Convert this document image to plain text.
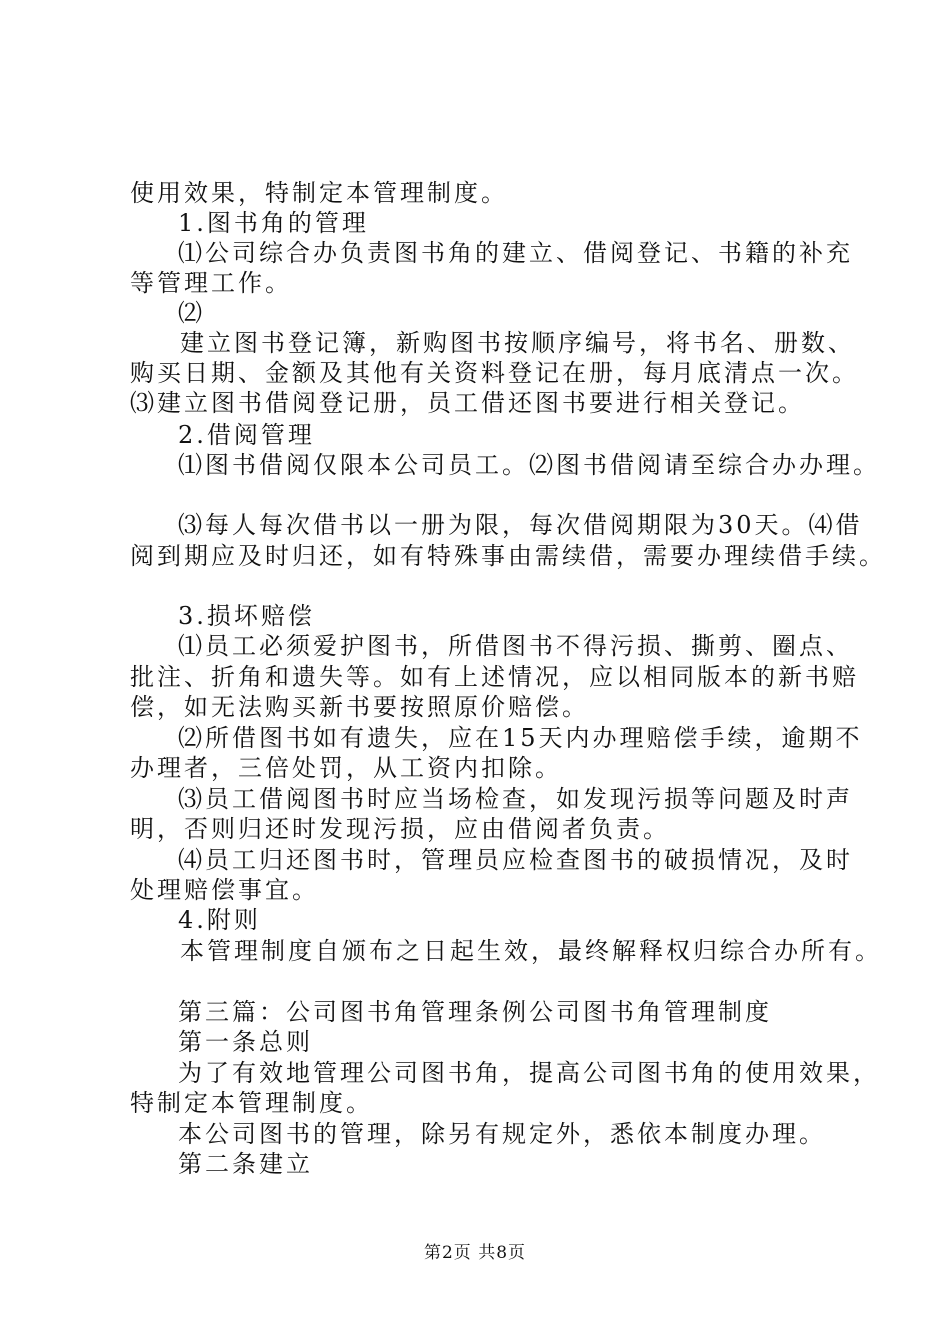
使用效果，特制定本管理制度。
1.图书角的管理
⑴公司综合办负责图书角的建立、借阅登记、书籍的补充
等管理工作。
⑵
建立图书登记簿，新购图书按顺序编号，将书名、册数、
购买日期、金额及其他有关资料登记在册，每月底清点一次。
⑶建立图书借阅登记册，员工借还图书要进行相关登记。
2.借阅管理
⑴图书借阅仅限本公司员工。⑵图书借阅请至综合办办理。
⑶每人每次借书以一册为限，每次借阅期限为30天。⑷借
阅到期应及时归还，如有特殊事由需续借，需要办理续借手续。
3.损坏赔偿
⑴员工必须爱护图书，所借图书不得污损、撕剪、圈点、
批注、折角和遗失等。如有上述情况，应以相同版本的新书赔
偿，如无法购买新书要按照原价赔偿。
⑵所借图书如有遗失，应在15天内办理赔偿手续，逾期不
办理者，三倍处罚，从工资内扣除。
⑶员工借阅图书时应当场检查，如发现污损等问题及时声
明，否则归还时发现污损，应由借阅者负责。
⑷员工归还图书时，管理员应检查图书的破损情况，及时
处理赔偿事宜。
4.附则
本管理制度自颁布之日起生效，最终解释权归综合办所有。
第三篇：公司图书角管理条例公司图书角管理制度
第一条总则
为了有效地管理公司图书角，提高公司图书角的使用效果，
特制定本管理制度。
本公司图书的管理，除另有规定外，悉依本制度办理。
第二条建立
第2页 共8页
